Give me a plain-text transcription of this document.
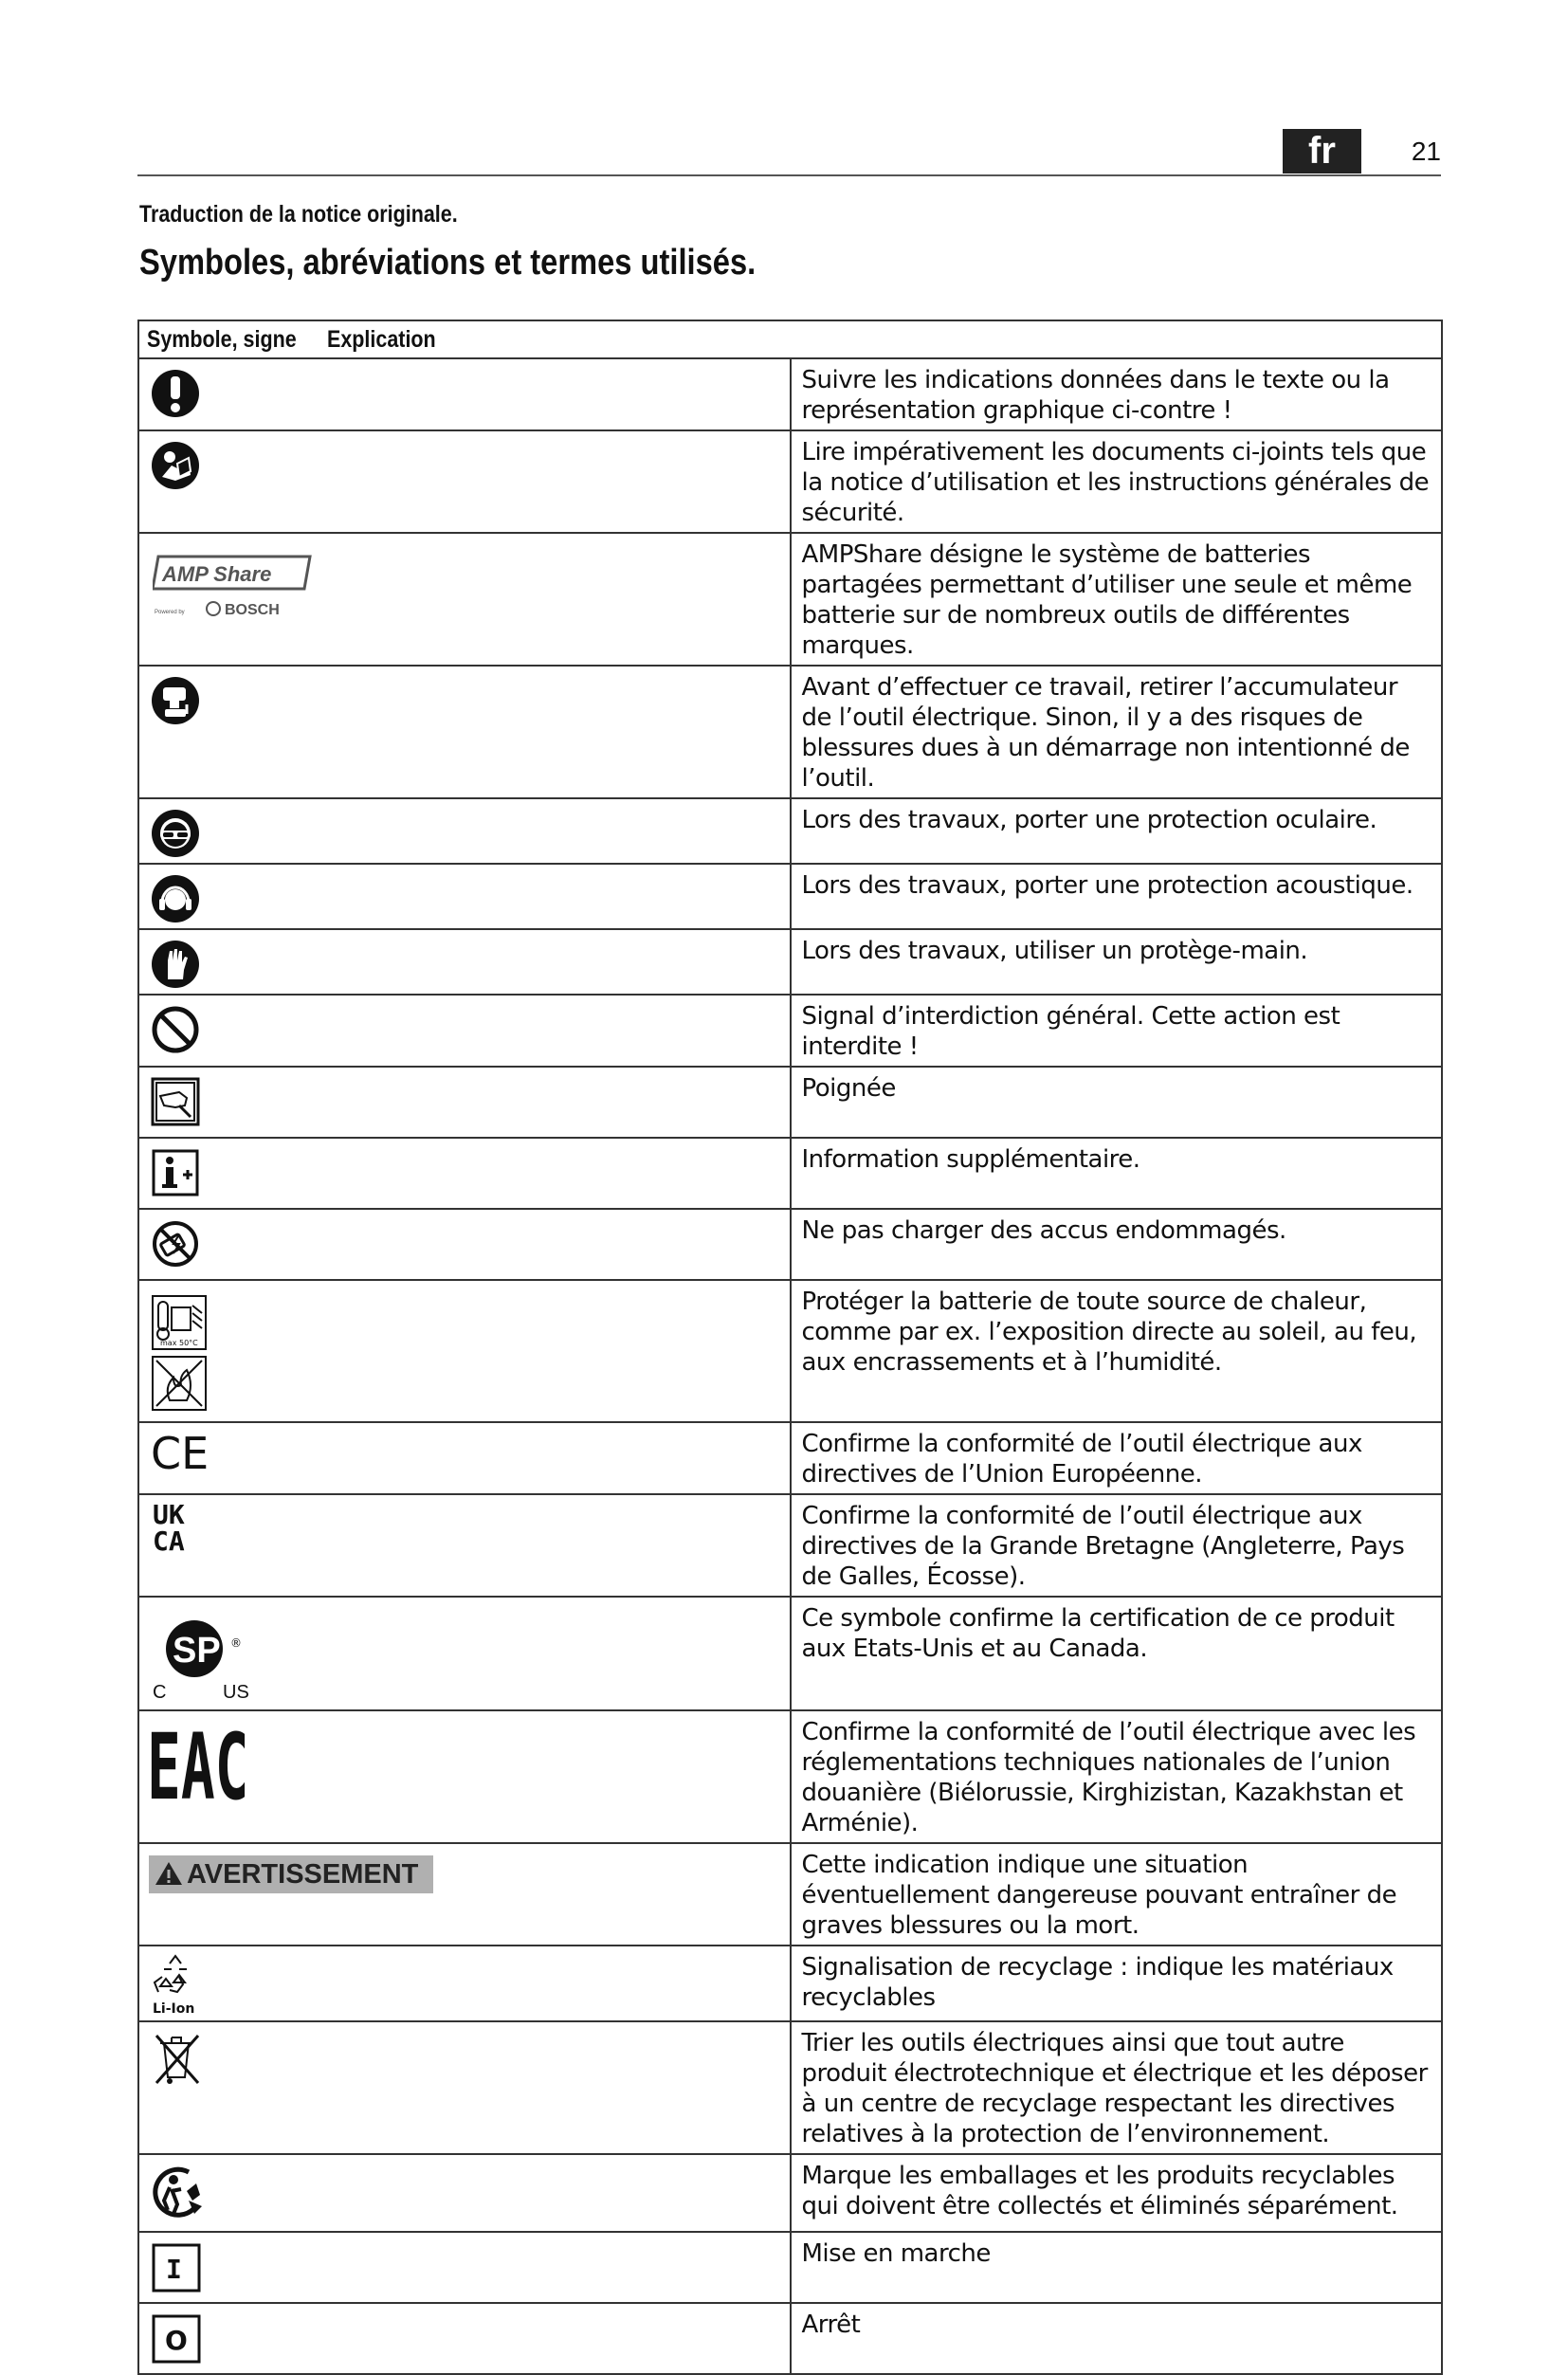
fr	21
Traduction de la notice originale.
Symboles, abréviations et termes utilisés.
Symbole, signe Explication	

	Suivre les indications données dans le texte ou la représentation graphique ci-contre !

	Lire impérativement les documents ci-joints tels que la notice d’utilisation et les instructions générales de sécurité.

AMP Share
Powered by BOSCH	AMPShare désigne le système de batteries partagées permettant d’utiliser une seule et même batterie sur de nombreux outils de différentes marques.

	Avant d’effectuer ce travail, retirer l’accumulateur de l’outil électrique. Sinon, il y a des risques de blessures dues à un démarrage non intentionné de l’outil.

	Lors des travaux, porter une protection oculaire.

	Lors des travaux, porter une protection acoustique.

	Lors des travaux, utiliser un protège-main.

	Signal d’interdiction général. Cette action est interdite !

	Poignée

	Information supplémentaire.

	Ne pas charger des accus endommagés.

max 50°C	Protéger la batterie de toute source de chaleur, comme par ex. l’exposition directe au soleil, au feu, aux encrassements et à l’humidité.

CE	Confirme la conformité de l’outil électrique aux directives de l’Union Européenne.

UK
CA	Confirme la conformité de l’outil électrique aux directives de la Grande Bretagne (Angleterre, Pays de Galles, Écosse).

SP ®
C US	Ce symbole confirme la certification de ce produit aux Etats-Unis et au Canada.

EAC	Confirme la conformité de l’outil électrique avec les réglementations techniques nationales de l’union douanière (Biélorussie, Kirghizistan, Kazakhstan et Arménie).

AVERTISSEMENT	Cette indication indique une situation éventuellement dangereuse pouvant entraîner de graves blessures ou la mort.

Li-Ion	Signalisation de recyclage : indique les matériaux recyclables

	Trier les outils électriques ainsi que tout autre produit électrotechnique et électrique et les déposer à un centre de recyclage respectant les directives relatives à la protection de l’environnement.

	Marque les emballages et les produits recyclables qui doivent être collectés et éliminés séparément.

I	Mise en marche

O	Arrêt
